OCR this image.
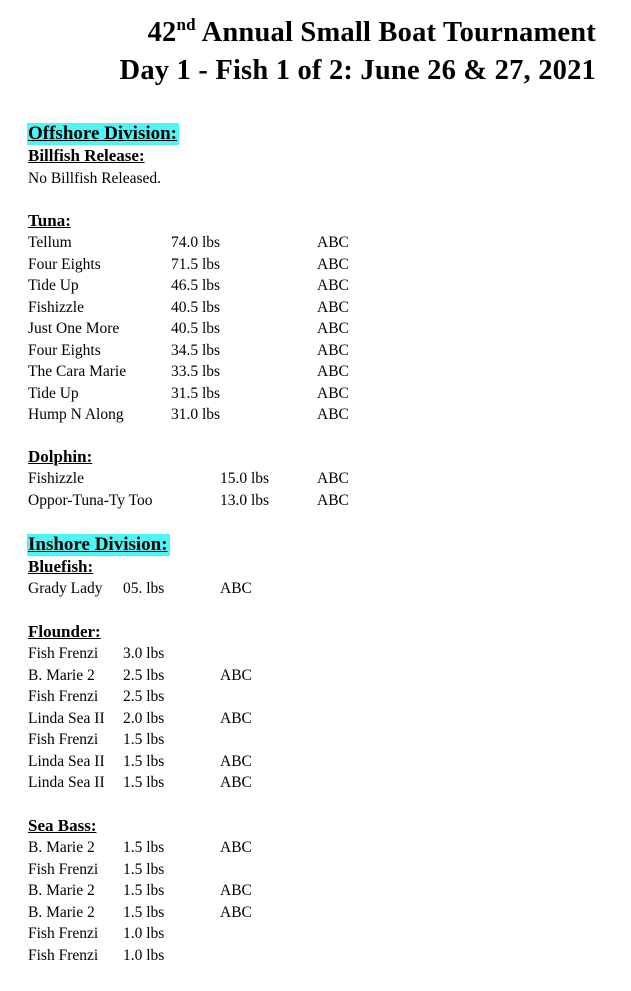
42nd Annual Small Boat Tournament
Day 1 - Fish 1 of 2: June 26 & 27, 2021
Offshore Division:
Billfish Release:
No Billfish Released.
Tuna:
Tellum	74.0 lbs	ABC
Four Eights	71.5 lbs	ABC
Tide Up	46.5 lbs	ABC
Fishizzle	40.5 lbs	ABC
Just One More	40.5 lbs	ABC
Four Eights	34.5 lbs	ABC
The Cara Marie	33.5 lbs	ABC
Tide Up	31.5 lbs	ABC
Hump N Along	31.0 lbs	ABC
Dolphin:
Fishizzle	15.0 lbs	ABC
Oppor-Tuna-Ty Too	13.0 lbs	ABC
Inshore Division:
Bluefish:
Grady Lady 05. lbs	ABC
Flounder:
Fish Frenzi 3.0 lbs
B. Marie 2 2.5 lbs	ABC
Fish Frenzi 2.5 lbs
Linda Sea II 2.0 lbs	ABC
Fish Frenzi 1.5 lbs
Linda Sea II 1.5 lbs	ABC
Linda Sea II 1.5 lbs	ABC
Sea Bass:
B. Marie 2 1.5 lbs	ABC
Fish Frenzi 1.5 lbs
B. Marie 2 1.5 lbs	ABC
B. Marie 2 1.5 lbs	ABC
Fish Frenzi 1.0 lbs
Fish Frenzi 1.0 lbs
